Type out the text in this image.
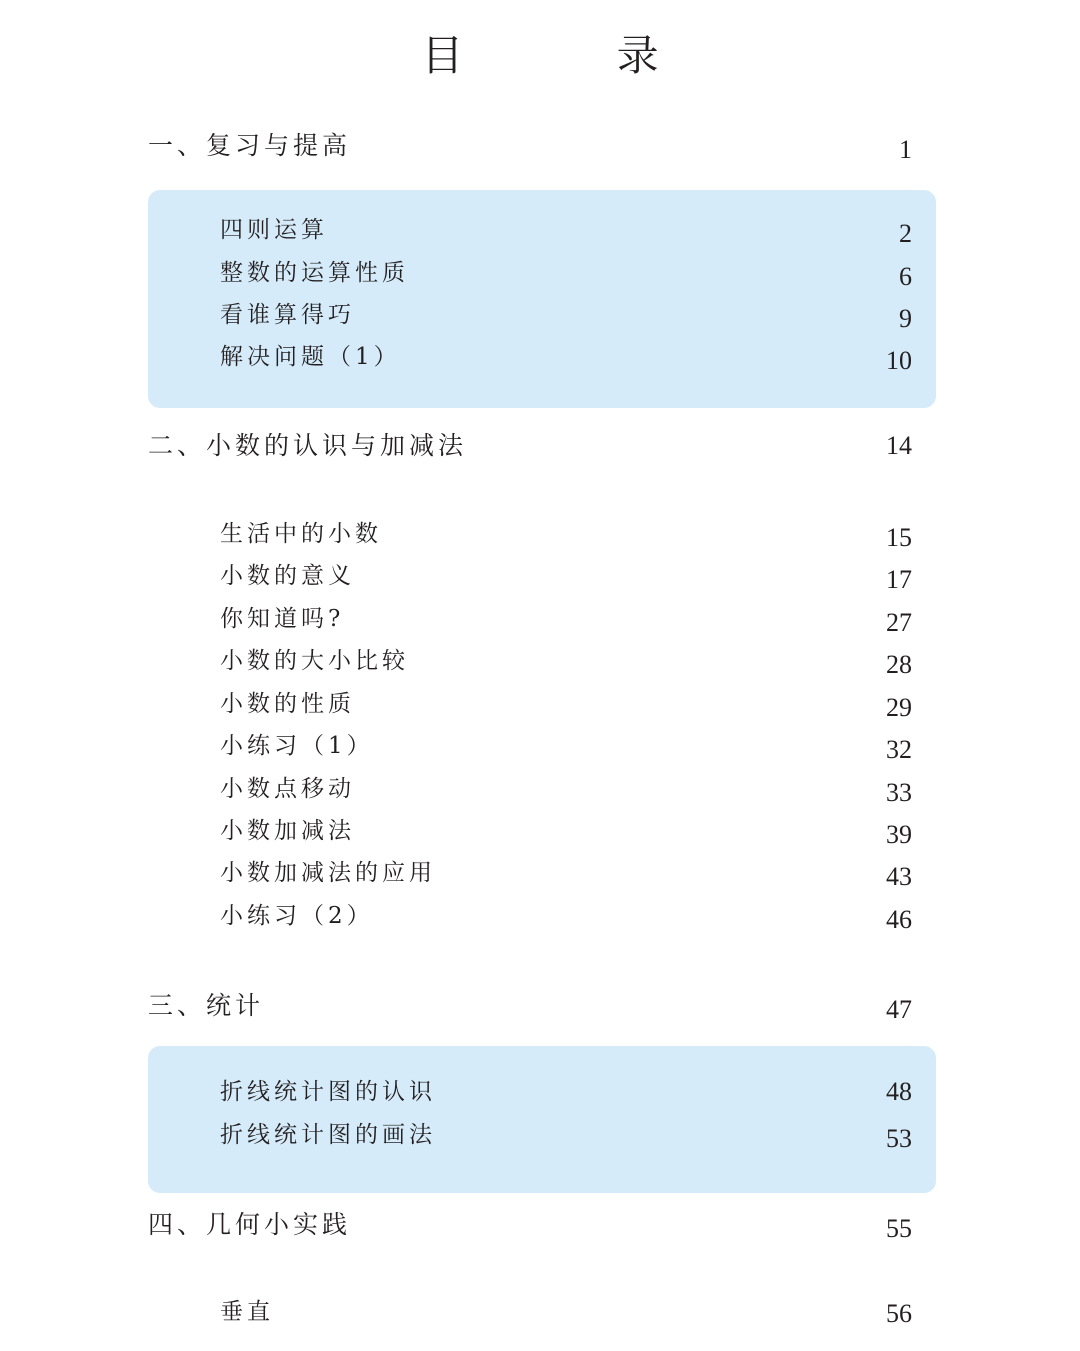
目 录
一、复习与提高	1
四则运算	2
整数的运算性质	6
看谁算得巧	9
解决问题（1）	10
二、小数的认识与加减法	14
生活中的小数	15
小数的意义	17
你知道吗?	27
小数的大小比较	28
小数的性质	29
小练习（1）	32
小数点移动	33
小数加减法	39
小数加减法的应用	43
小练习（2）	46
三、统计	47
折线统计图的认识	48
折线统计图的画法	53
四、几何小实践	55
垂直	56
